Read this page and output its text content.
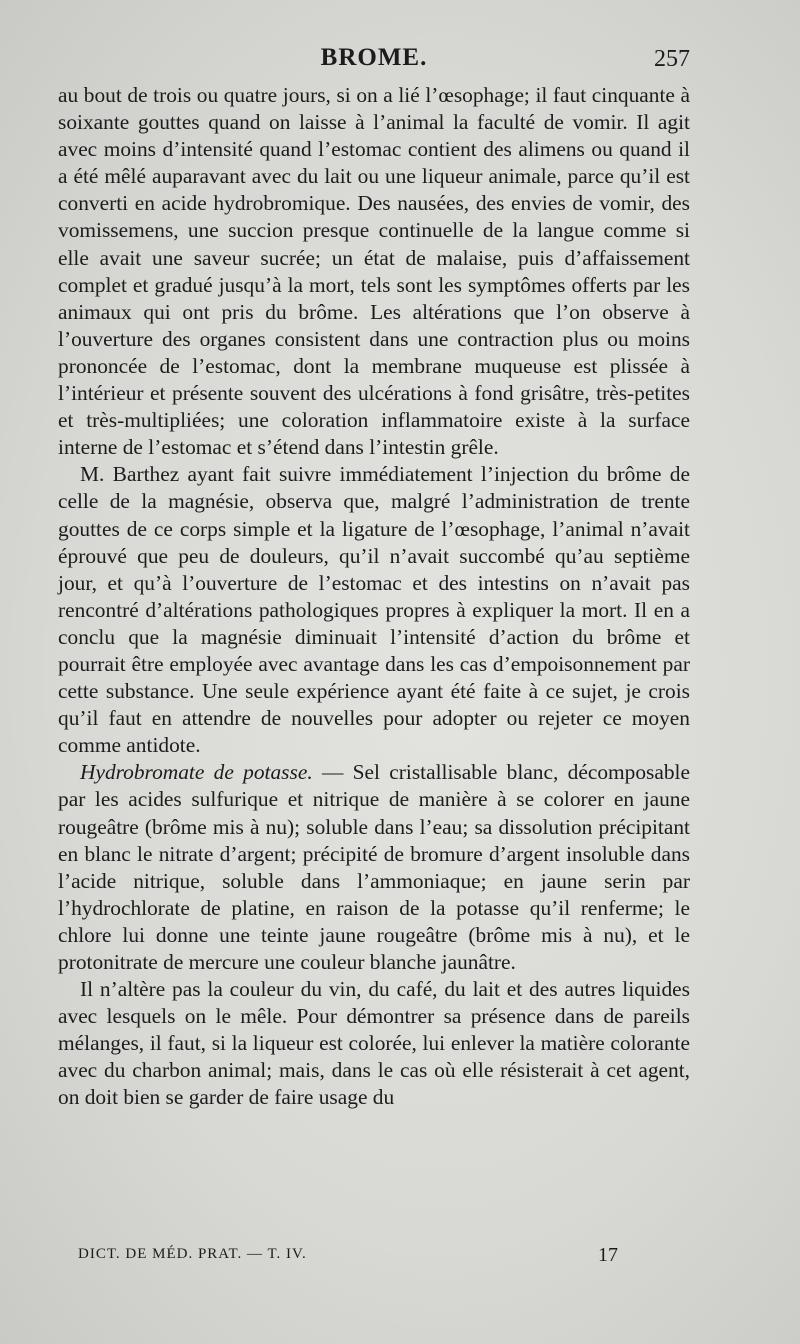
BROME.	257

au bout de trois ou quatre jours, si on a lié l’œsophage; il faut cinquante à soixante gouttes quand on laisse à l’animal la faculté de vomir. Il agit avec moins d’intensité quand l’estomac contient des alimens ou quand il a été mêlé auparavant avec du lait ou une liqueur animale, parce qu’il est converti en acide hydrobromique. Des nausées, des envies de vomir, des vomissemens, une succion presque continuelle de la langue comme si elle avait une saveur sucrée; un état de malaise, puis d’affaissement complet et gradué jusqu’à la mort, tels sont les symptômes offerts par les animaux qui ont pris du brôme. Les altérations que l’on observe à l’ouverture des organes consistent dans une contraction plus ou moins prononcée de l’estomac, dont la membrane muqueuse est plissée à l’intérieur et présente souvent des ulcérations à fond grisâtre, très-petites et très-multipliées; une coloration inflammatoire existe à la surface interne de l’estomac et s’étend dans l’intestin grêle.

M. Barthez ayant fait suivre immédiatement l’injection du brôme de celle de la magnésie, observa que, malgré l’administration de trente gouttes de ce corps simple et la ligature de l’œsophage, l’animal n’avait éprouvé que peu de douleurs, qu’il n’avait succombé qu’au septième jour, et qu’à l’ouverture de l’estomac et des intestins on n’avait pas rencontré d’altérations pathologiques propres à expliquer la mort. Il en a conclu que la magnésie diminuait l’intensité d’action du brôme et pourrait être employée avec avantage dans les cas d’empoisonnement par cette substance. Une seule expérience ayant été faite à ce sujet, je crois qu’il faut en attendre de nouvelles pour adopter ou rejeter ce moyen comme antidote.

Hydrobromate de potasse. — Sel cristallisable blanc, décomposable par les acides sulfurique et nitrique de manière à se colorer en jaune rougeâtre (brôme mis à nu); soluble dans l’eau; sa dissolution précipitant en blanc le nitrate d’argent; précipité de bromure d’argent insoluble dans l’acide nitrique, soluble dans l’ammoniaque; en jaune serin par l’hydrochlorate de platine, en raison de la potasse qu’il renferme; le chlore lui donne une teinte jaune rougeâtre (brôme mis à nu), et le protonitrate de mercure une couleur blanche jaunâtre.

Il n’altère pas la couleur du vin, du café, du lait et des autres liquides avec lesquels on le mêle. Pour démontrer sa présence dans de pareils mélanges, il faut, si la liqueur est colorée, lui enlever la matière colorante avec du charbon animal; mais, dans le cas où elle résisterait à cet agent, on doit bien se garder de faire usage du

DICT. DE MÉD. PRAT. — T. IV.	17
